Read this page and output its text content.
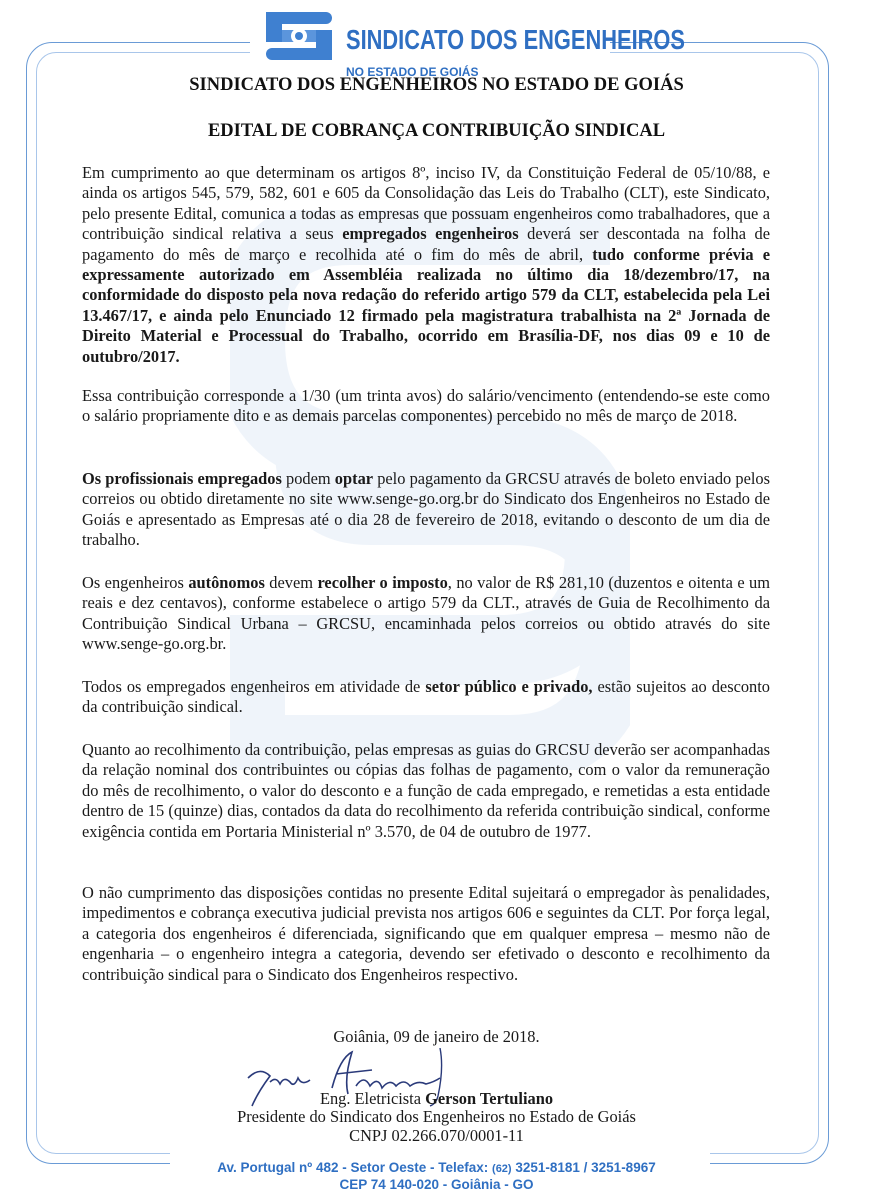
SINDICATO DOS ENGENHEIROS
NO ESTADO DE GOIÁS
SINDICATO DOS ENGENHEIROS NO ESTADO DE GOIÁS
EDITAL DE COBRANÇA CONTRIBUIÇÃO SINDICAL

Em cumprimento ao que determinam os artigos 8º, inciso IV, da Constituição Federal de 05/10/88, e ainda os artigos 545, 579, 582, 601 e 605 da Consolidação das Leis do Trabalho (CLT), este Sindicato, pelo presente Edital, comunica a todas as empresas que possuam engenheiros como trabalhadores, que a contribuição sindical relativa a seus empregados engenheiros deverá ser descontada na folha de pagamento do mês de março e recolhida até o fim do mês de abril, tudo conforme prévia e expressamente autorizado em Assembléia realizada no último dia 18/dezembro/17, na conformidade do disposto pela nova redação do referido artigo 579 da CLT, estabelecida pela Lei 13.467/17, e ainda pelo Enunciado 12 firmado pela magistratura trabalhista na 2ª Jornada de Direito Material e Processual do Trabalho, ocorrido em Brasília-DF, nos dias 09 e 10 de outubro/2017.

Essa contribuição corresponde a 1/30 (um trinta avos) do salário/vencimento (entendendo-se este como o salário propriamente dito e as demais parcelas componentes) percebido no mês de março de 2018.

Os profissionais empregados podem optar pelo pagamento da GRCSU através de boleto enviado pelos correios ou obtido diretamente no site www.senge-go.org.br do Sindicato dos Engenheiros no Estado de Goiás e apresentado as Empresas até o dia 28 de fevereiro de 2018, evitando o desconto de um dia de trabalho.

Os engenheiros autônomos devem recolher o imposto, no valor de R$ 281,10 (duzentos e oitenta e um reais e dez centavos), conforme estabelece o artigo 579 da CLT., através de Guia de Recolhimento da Contribuição Sindical Urbana – GRCSU, encaminhada pelos correios ou obtido através do site www.senge-go.org.br.

Todos os empregados engenheiros em atividade de setor público e privado, estão sujeitos ao desconto da contribuição sindical.

Quanto ao recolhimento da contribuição, pelas empresas as guias do GRCSU deverão ser acompanhadas da relação nominal dos contribuintes ou cópias das folhas de pagamento, com o valor da remuneração do mês de recolhimento, o valor do desconto e a função de cada empregado, e remetidas a esta entidade dentro de 15 (quinze) dias, contados da data do recolhimento da referida contribuição sindical, conforme exigência contida em Portaria Ministerial nº 3.570, de 04 de outubro de 1977.

O não cumprimento das disposições contidas no presente Edital sujeitará o empregador às penalidades, impedimentos e cobrança executiva judicial prevista nos artigos 606 e seguintes da CLT. Por força legal, a categoria dos engenheiros é diferenciada, significando que em qualquer empresa – mesmo não de engenharia – o engenheiro integra a categoria, devendo ser efetivado o desconto e recolhimento da contribuição sindical para o Sindicato dos Engenheiros respectivo.

Goiânia, 09 de janeiro de 2018.
Eng. Eletricista Gerson Tertuliano
Presidente do Sindicato dos Engenheiros no Estado de Goiás
CNPJ 02.266.070/0001-11
Av. Portugal nº 482 - Setor Oeste - Telefax: (62) 3251-8181 / 3251-8967
CEP 74 140-020 - Goiânia - GO
